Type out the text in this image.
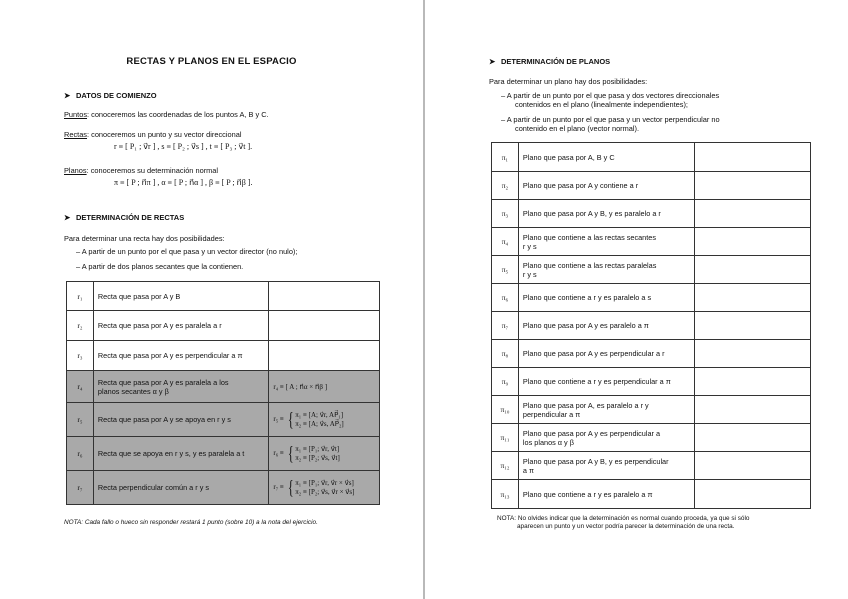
RECTAS Y PLANOS EN EL ESPACIO
➤ DATOS DE COMIENZO
Puntos: conoceremos las coordenadas de los puntos A, B y C.
Rectas: conoceremos un punto y su vector direccional
r ≡ [ P₁ ; v⃗r ] , s ≡ [ P₂ ; v⃗s ] , t ≡ [ P₃ ; v⃗t ].
Planos: conoceremos su determinación normal
π ≡ [ P ; n⃗π ] , α ≡ [ P ; n⃗α ] , β ≡ [ P ; n⃗β ].
➤ DETERMINACIÓN DE RECTAS
Para determinar una recta hay dos posibilidades:
– A partir de un punto por el que pasa y un vector director (no nulo);
– A partir de dos planos secantes que la contienen.
r₁	Recta que pasa por A y B	
r₂	Recta que pasa por A y es paralela a r	
r₃	Recta que pasa por A y es perpendicular a π	
r₄	Recta que pasa por A y es paralela a los
planos secantes α y β	r₄ ≡ [ A ; n⃗α × n⃗β ]
r₅	Recta que pasa por A y se apoya en r y s	r₅ ≡ { π₁ ≡ [A; v⃗r, AP⃗₁]
π₂ ≡ [A; v⃗s, AP⃗₂]

r₆	Recta que se apoya en r y s, y es paralela a t	r₆ ≡ { π₁ ≡ [P₁; v⃗r, v⃗t]
π₂ ≡ [P₂; v⃗s, v⃗t]

r₇	Recta perpendicular común a r y s	r₇ ≡ { π₁ ≡ [P₁; v⃗r, v⃗r × v⃗s]
π₂ ≡ [P₂; v⃗s, v⃗r × v⃗s]
NOTA: Cada fallo o hueco sin responder restará 1 punto (sobre 10) a la nota del ejercicio.
➤ DETERMINACIÓN DE PLANOS
Para determinar un plano hay dos posibilidades:
– A partir de un punto por el que pasa y dos vectores direccionales
contenidos en el plano (linealmente independientes);
– A partir de un punto por el que pasa y un vector perpendicular no
contenido en el plano (vector normal).
π₁	Plano que pasa por A, B y C	
π₂	Plano que pasa por A y contiene a r	
π₃	Plano que pasa por A y B, y es paralelo a r	
π₄	Plano que contiene a las rectas secantes
r y s	

π₅	Plano que contiene a las rectas paralelas
r y s	

π₆	Plano que contiene a r y es paralelo a s	
π₇	Plano que pasa por A y es paralelo a π	
π₈	Plano que pasa por A y es perpendicular a r	
π₉	Plano que contiene a r y es perpendicular a π	
π₁₀	Plano que pasa por A, es paralelo a r y
perpendicular a π	

π₁₁	Plano que pasa por A y es perpendicular a
los planos α y β	

π₁₂	Plano que pasa por A y B, y es perpendicular
a π	

π₁₃	Plano que contiene a r y es paralelo a π	
NOTA: No olvides indicar que la determinación es normal cuando proceda, ya que si sólo
aparecen un punto y un vector podría parecer la determinación de una recta.
